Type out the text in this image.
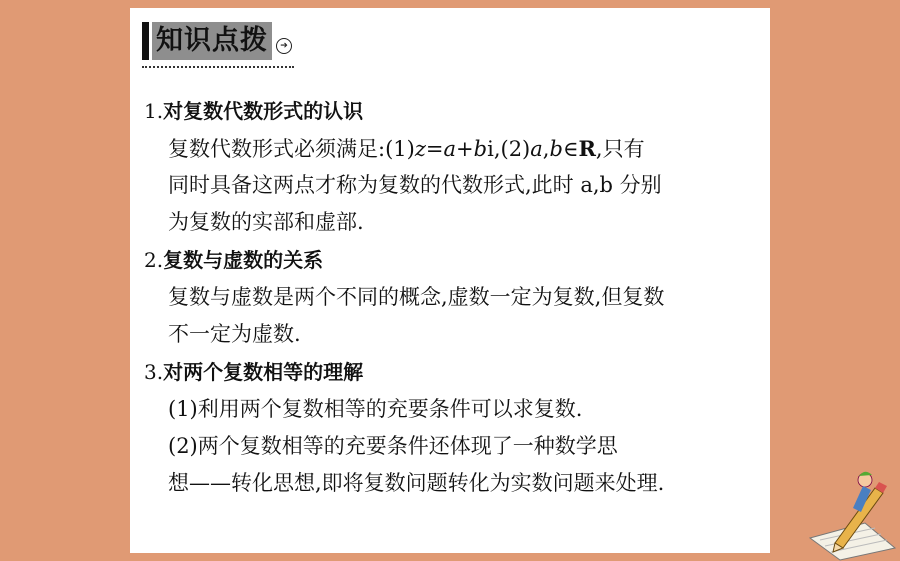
知识点拨	➔
1.对复数代数形式的认识
复数代数形式必须满足:(1)z=a+bi,(2)a,b∈R,只有
同时具备这两点才称为复数的代数形式,此时 a,b 分别
为复数的实部和虚部.
2.复数与虚数的关系
复数与虚数是两个不同的概念,虚数一定为复数,但复数
不一定为虚数.
3.对两个复数相等的理解
(1)利用两个复数相等的充要条件可以求复数.
(2)两个复数相等的充要条件还体现了一种数学思
想——转化思想,即将复数问题转化为实数问题来处理.
